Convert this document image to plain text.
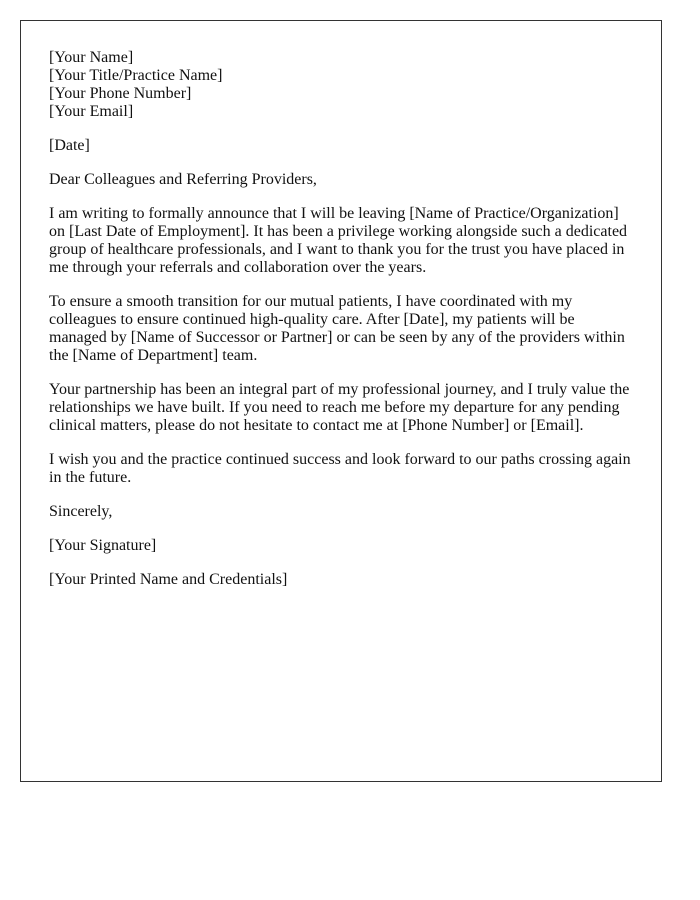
[Your Name]
[Your Title/Practice Name]
[Your Phone Number]
[Your Email]

[Date]

Dear Colleagues and Referring Providers,

I am writing to formally announce that I will be leaving [Name of Practice/Organization] on [Last Date of Employment]. It has been a privilege working alongside such a dedicated group of healthcare professionals, and I want to thank you for the trust you have placed in me through your referrals and collaboration over the years.

To ensure a smooth transition for our mutual patients, I have coordinated with my colleagues to ensure continued high-quality care. After [Date], my patients will be managed by [Name of Successor or Partner] or can be seen by any of the providers within the [Name of Department] team.

Your partnership has been an integral part of my professional journey, and I truly value the relationships we have built. If you need to reach me before my departure for any pending clinical matters, please do not hesitate to contact me at [Phone Number] or [Email].

I wish you and the practice continued success and look forward to our paths crossing again in the future.

Sincerely,

[Your Signature]

[Your Printed Name and Credentials]
